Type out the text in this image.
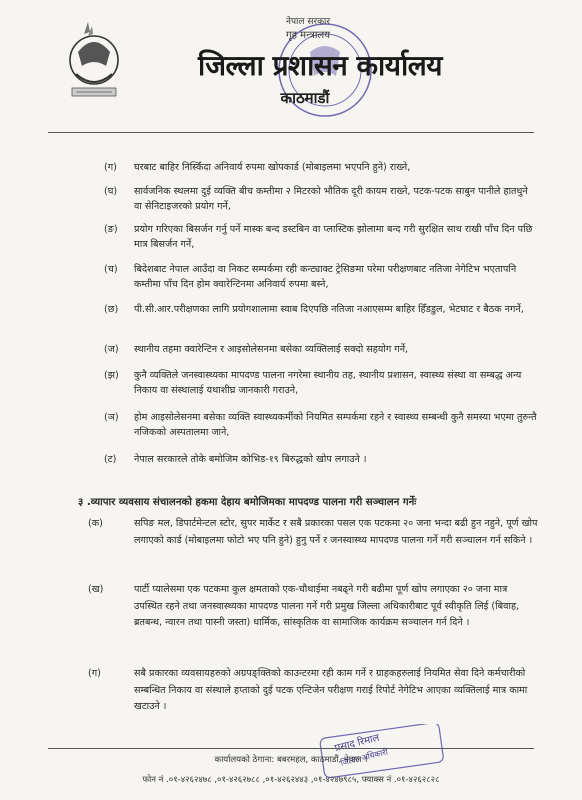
नेपाल सरकार
गृह मन्त्रालय
जिल्ला प्रशासन कार्यालय
काठमाडौं
(ग) घरबाट बाहिर निस्किँदा अनिवार्य रुपमा खोपकार्ड (मोबाइलमा भएपनि हुने) राख्ने,
(घ) सार्वजनिक स्थलमा दुई व्यक्ति बीच कम्तीमा २ मिटरको भौतिक दूरी कायम राख्ने, पटक-पटक साबुन पानीले हातधुने वा सेनिटाइजरको प्रयोग गर्ने,
(ङ) प्रयोग गरिएका बिसर्जन गर्नु पर्ने मास्क बन्द डस्टबिन वा प्लास्टिक झोलामा बन्द गरी सुरक्षित साथ राखी पाँच दिन पछि मात्र बिसर्जन गर्ने,
(च) बिदेशबाट नेपाल आउँदा वा निकट सम्पर्कमा रही कन्ट्याक्ट ट्रेसिङमा परेमा परीक्षणबाट नतिजा नेगेटिभ भएतापनि कम्तीमा पाँच दिन होम क्वारेन्टिनमा अनिवार्य रुपमा बस्ने,
(छ) पी.सी.आर.परीक्षणका लागि प्रयोगशालामा स्वाब दिएपछि नतिजा नआएसम्म बाहिर हिँडडुल, भेटघाट र बैठक नगर्ने,
(ज) स्थानीय तहमा क्वारेन्टिन र आइसोलेसनमा बसेका व्यक्तिलाई सक्दो सहयोग गर्ने,
(झ) कुनै व्यक्तिले जनस्वास्थ्यका मापदण्ड पालना नगरेमा स्थानीय तह, स्थानीय प्रशासन, स्वास्थ्य संस्था वा सम्बद्ध अन्य निकाय वा संस्थालाई यथाशीघ्र जानकारी गराउने,
(ञ) होम आइसोलेसनमा बसेका व्यक्ति स्वास्थ्यकर्मीको नियमित सम्पर्कमा रहने र स्वास्थ्य सम्बन्धी कुनै समस्या भएमा तुरुन्तै नजिकको अस्पतालमा जाने,
(ट) नेपाल सरकारले तोके बमोजिम कोभिड-१९ बिरुद्धको खोप लगाउने ।
३ .व्यापार व्यवसाय संचालनको हकमा देहाय बमोजिमका मापदण्ड पालना गरी सञ्चालन गर्नेः
(क)	सपिङ मल, डिपार्टमेन्टल स्टोर, सुपर मार्केट र सबै प्रकारका पसल एक पटकमा २० जना भन्दा बढी हुन नहुने, पूर्ण खोप लगाएको कार्ड (मोबाइलमा फोटो भए पनि हुने) हुनु पर्ने र जनस्वास्थ्य मापदण्ड पालना गर्ने गरी सञ्चालन गर्न सकिने ।
(ख)	पार्टी प्यालेसमा एक पटकमा कुल क्षमताको एक-चौथाईमा नबढ्ने गरी बढीमा पूर्ण खोप लगाएका २० जना मात्र उपस्थित रहने तथा जनस्वास्थ्यका मापदण्ड पालना गर्ने गरी प्रमुख जिल्ला अधिकारीबाट पूर्व स्वीकृति लिई (बिवाह, ब्रतबन्ध, न्वारन तथा पास्नी जस्ता) धार्मिक, सांस्कृतिक वा सामाजिक कार्यक्रम सञ्चालन गर्न दिने ।
(ग)	सबै प्रकारका व्यवसायहरुको अग्रपङ्क्तिको काउन्टरमा रही काम गर्ने र ग्राहकहरुलाई नियमित सेवा दिने कर्मचारीको सम्बन्धित निकाय वा संस्थाले हप्ताको दुई पटक एन्टिजेन परीक्षण गराई रिपोर्ट नेगेटिभ आएका व्यक्तिलाई मात्र कामा खटाउने ।
प्रसाद रिमाल
जिल्ला अधिकारी
कार्यालयको ठेगाना: बबरमहल, काठमाडौं, नेपाल ।
फोन नं .०१-४२६२४७८ ,०१-४२६२७८८ ,०१-४२६२४४३ ,०१-४२४७९८५, फ्याक्स नं .०१-४२६२८२८
